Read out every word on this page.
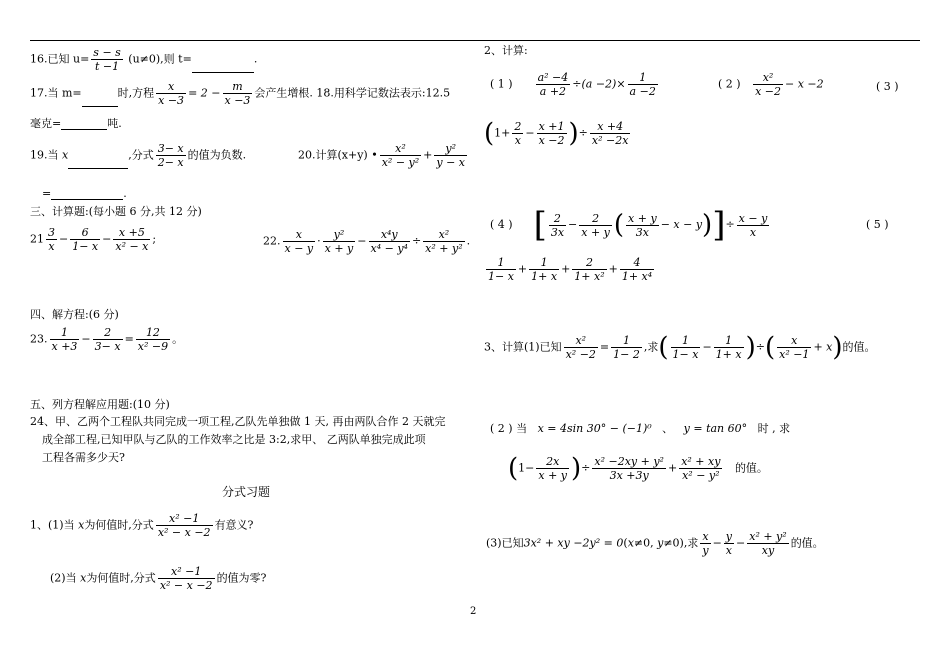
16.已知 $u= \frac{s - s}{t -1} (u\ne 0)$,则 t=	.
17.当 m=	时,方程 $\frac{x}{x -3} = 2 - \frac{m}{x -3}$ 会产生增根. 18.用科学记数法表示:12.5
毫克=	吨.
19.当 x	,分式 $\frac{3- x}{2- x}$ 的值为负数.	20.计算(x+y) • $\frac{\text{x²}}{\text{x² − y²}} + \frac{\text{y²}}{y - x}$
=	.
三、计算题:(每小题 6 分,共 12 分)
$21 \frac{3}{x} - \frac{6}{1- x} - \frac{x +5}{\text{x² − x}}$ ;	22. $\frac{x}{x - y} \cdot \frac{\text{y²}}{x + y} - \frac{\text{x⁴y}}{\text{x⁴ − y⁴}} \div \frac{\text{x²}}{\text{x² + y²}}$ .
四、解方程:(6 分)
23. $\frac{1}{x +3} - \frac{2}{3- x} = \frac{12}{\text{x² −9}}$ 。
五、列方程解应用题:(10 分)
24、甲、乙两个工程队共同完成一项工程,乙队先单独做 1 天, 再由两队合作 2 天就完
成全部工程,已知甲队与乙队的工作效率之比是 3:2,求甲、 乙两队单独完成此项
工程各需多少天?
分式习题
1、(1)当 x为何值时,分式 $\frac{\text{x² −1}}{\text{x² − x −2}}$ 有意义?
(2)当 x为何值时,分式 $\frac{\text{x² −1}}{\text{x² − x −2}}$ 的值为零?
2、计算:
( 1 ) $\frac{\text{a² −4}}{a +2} \div(a -2)\times \frac{1}{a -2}$	( 2 ) $\frac{\text{x²}}{x -2} - x -2$	( 3 )
($1+ \frac{2}{x} - \frac{x +1}{x -2}$ )÷ $\frac{x +4}{\text{x² −2x}}$
( 4 ) [ $\frac{2}{3x} - \frac{2}{x + y}$ ( $\frac{x + y}{3x} - x - y)]\div \frac{x - y}{x}$	( 5 )
$\frac{1}{1- x} + \frac{1}{1+ x} + \frac{2}{\text{1+ x²}} + \frac{4}{\text{1+ x⁴}}$
3、计算(1)已知 $\frac{\text{x²}}{\text{x² −2}} = \frac{1}{1- 2}$ ,求( $\frac{1}{1- x} - \frac{1}{1+ x}$ )÷( $\frac{x}{\text{x² −1}} + x$)的值。
( 2 ) 当 x = 4sin 30° − (−1)⁰ 、 y = tan 60° 时 , 求
($1- \frac{2x}{x + y}$ )÷ $\frac{\text{x² −2xy + y²}}{3x +3y} + \frac{\text{x² + xy}}{\text{x² − y²}}$ 的值。
(3)已知3x² + xy −2y² = 0(x≠0, y≠0),求 $\frac{x}{y} - \frac{y}{x} - \frac{\text{x² + y²}}{xy}$ 的值。
2
